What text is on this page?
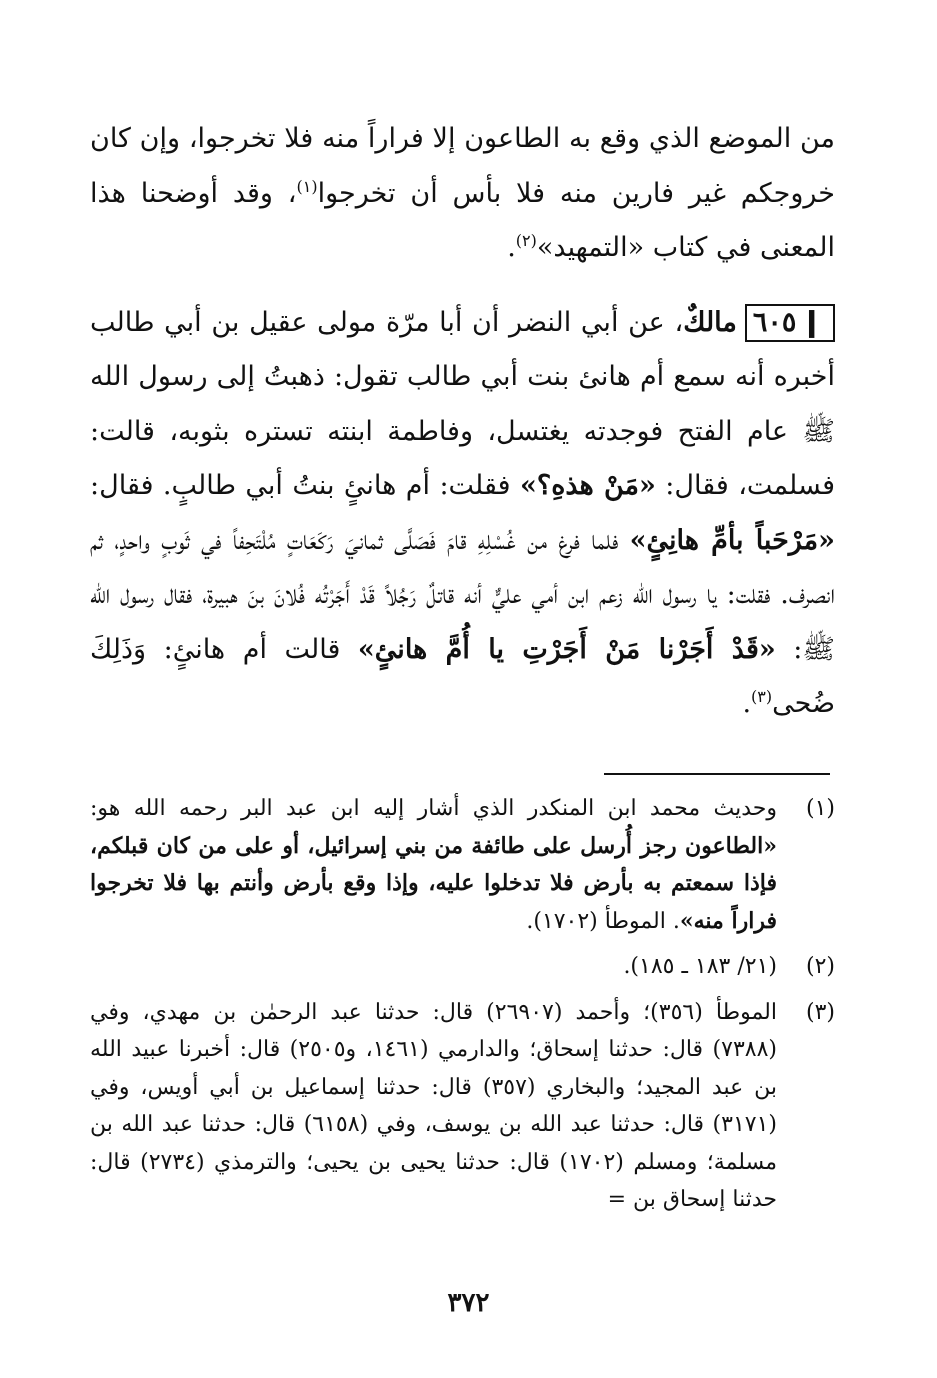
من الموضع الذي وقع به الطاعون إلا فراراً منه فلا تخرجوا، وإن كان خروجكم غير فارين منه فلا بأس أن تخرجوا$^{(١)}$، وقد أوضحنا هذا المعنى في كتاب «التمهيد»$^{(٢)}$.

❙ ٦٠٥مالكٌ، عن أبي النضر أن أبا مرّة مولى عقيل بن أبي طالب أخبره أنه سمع أم هانئ بنت أبي طالب تقول: ذهبتُ إلى رسول الله ﷺ عام الفتح فوجدته يغتسل، وفاطمة ابنته تستره بثوبه، قالت: فسلمت، فقال: «مَنْ هذهِ؟» فقلت: أم هانئٍ بنتُ أبي طالبٍ. فقال: «مَرْحَباً بأمِّ هانِئٍ» فلما فرغ من غُسْلِهِ قامَ فَصَلَّى ثمانيَ رَكَعَاتٍ مُلْتَحِفاً في ثَوبٍ واحدٍ، ثم انصرف. فقلت: يا رسول الله زعم ابن أمي عليٌّ أنه قاتلٌ رَجُلاً قَدْ أَجَرْتُه فُلانَ بنَ هبيرة، فقال رسول الله ﷺ: «قَدْ أَجَرْنا مَنْ أَجَرْتِ يا أُمَّ هانئٍ» قالت أم هانئٍ: وَذَلِكَ ضُحى$^{(٣)}$.

(١)
وحديث محمد ابن المنكدر الذي أشار إليه ابن عبد البر رحمه الله هو: «الطاعون رجز أُرسل على طائفة من بني إسرائيل، أو على من كان قبلكم، فإذا سمعتم به بأرض فلا تدخلوا عليه، وإذا وقع بأرض وأنتم بها فلا تخرجوا فراراً منه». الموطأ (١٧٠٢).
(٢)
(٢١/ ١٨٣ ـ ١٨٥).
(٣)
الموطأ (٣٥٦)؛ وأحمد (٢٦٩٠٧) قال: حدثنا عبد الرحمٰن بن مهدي، وفي (٧٣٨٨) قال: حدثنا إسحاق؛ والدارمي (١٤٦١، و٢٥٠٥) قال: أخبرنا عبيد الله بن عبد المجيد؛ والبخاري (٣٥٧) قال: حدثنا إسماعيل بن أبي أويس، وفي (٣١٧١) قال: حدثنا عبد الله بن يوسف، وفي (٦١٥٨) قال: حدثنا عبد الله بن مسلمة؛ ومسلم (١٧٠٢) قال: حدثنا يحيى بن يحيى؛ والترمذي (٢٧٣٤) قال: حدثنا إسحاق بن =
٣٧٢
